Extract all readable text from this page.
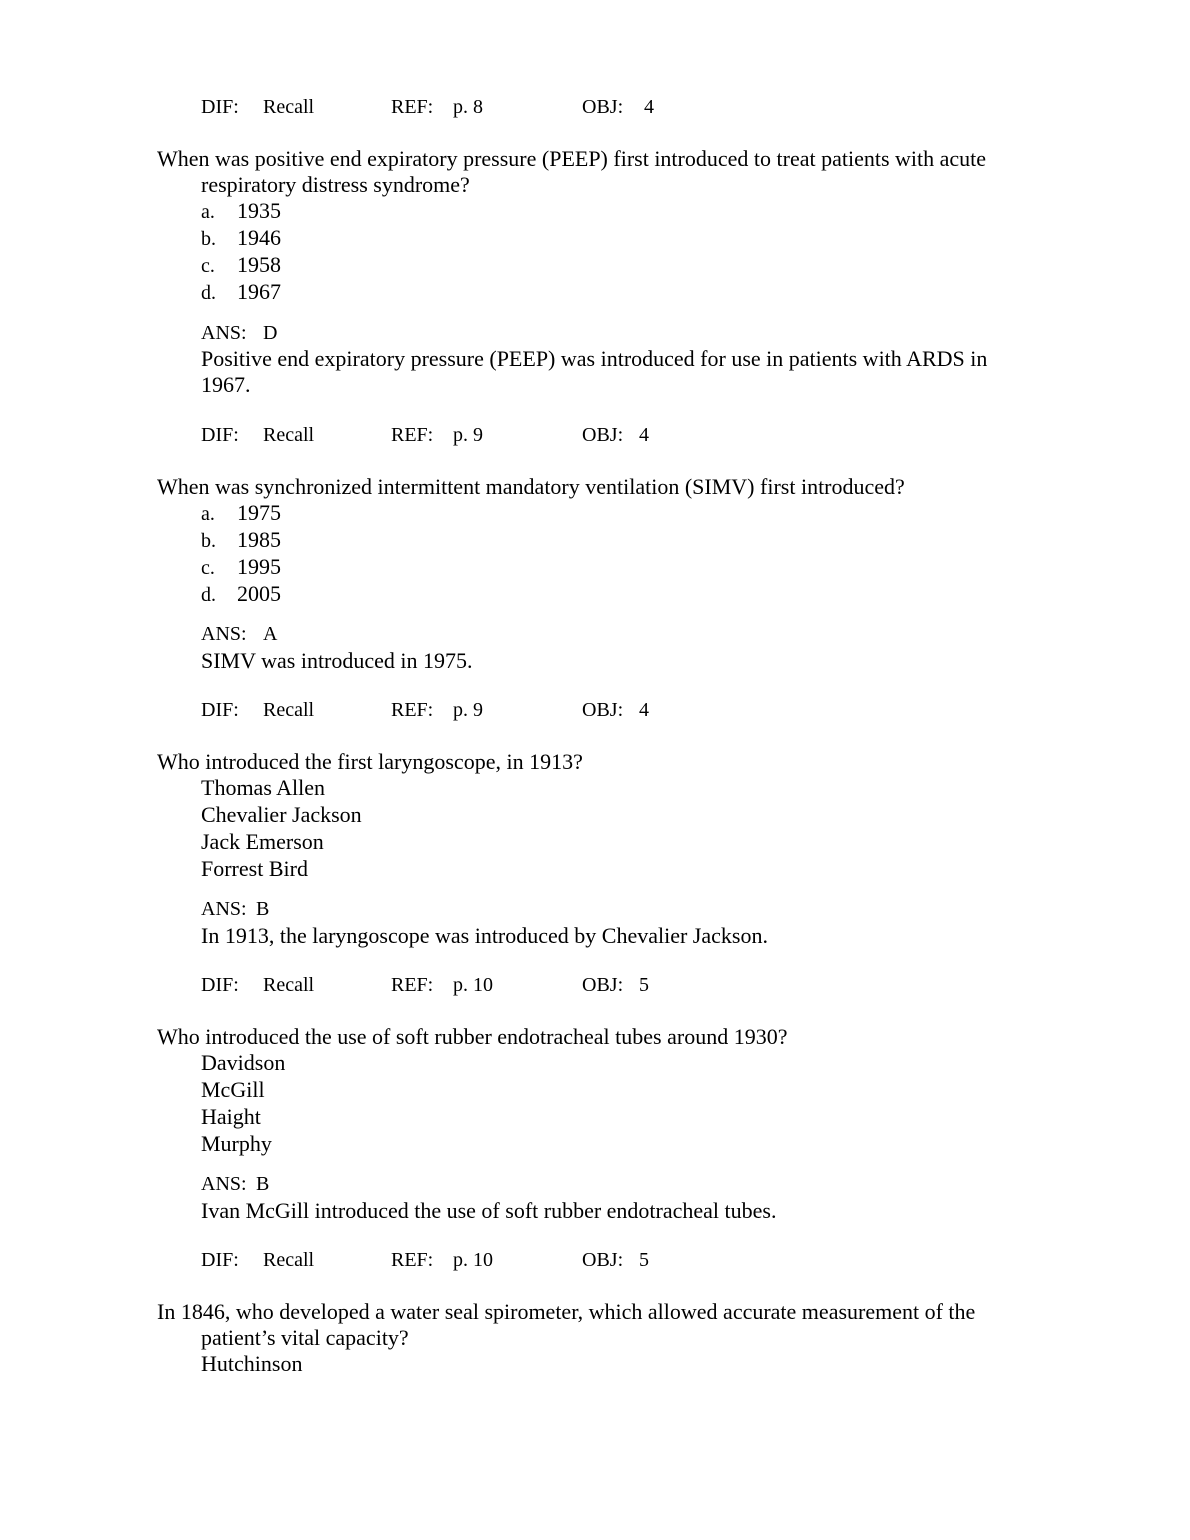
DIF: Recall	REF: p. 8	OBJ: 4
When was positive end expiratory pressure (PEEP) first introduced to treat patients with acute
respiratory distress syndrome?
a. 1935
b. 1946
c. 1958
d. 1967
ANS: D
Positive end expiratory pressure (PEEP) was introduced for use in patients with ARDS in
1967.
DIF: Recall	REF: p. 9	OBJ: 4
When was synchronized intermittent mandatory ventilation (SIMV) first introduced?
a. 1975
b. 1985
c. 1995
d. 2005
ANS: A
SIMV was introduced in 1975.
DIF: Recall	REF: p. 9	OBJ: 4
Who introduced the first laryngoscope, in 1913?
Thomas Allen
Chevalier Jackson
Jack Emerson
Forrest Bird
ANS: B
In 1913, the laryngoscope was introduced by Chevalier Jackson.
DIF: Recall	REF: p. 10	OBJ: 5
Who introduced the use of soft rubber endotracheal tubes around 1930?
Davidson
McGill
Haight
Murphy
ANS: B
Ivan McGill introduced the use of soft rubber endotracheal tubes.
DIF: Recall	REF: p. 10	OBJ: 5
In 1846, who developed a water seal spirometer, which allowed accurate measurement of the
patient’s vital capacity?
Hutchinson
